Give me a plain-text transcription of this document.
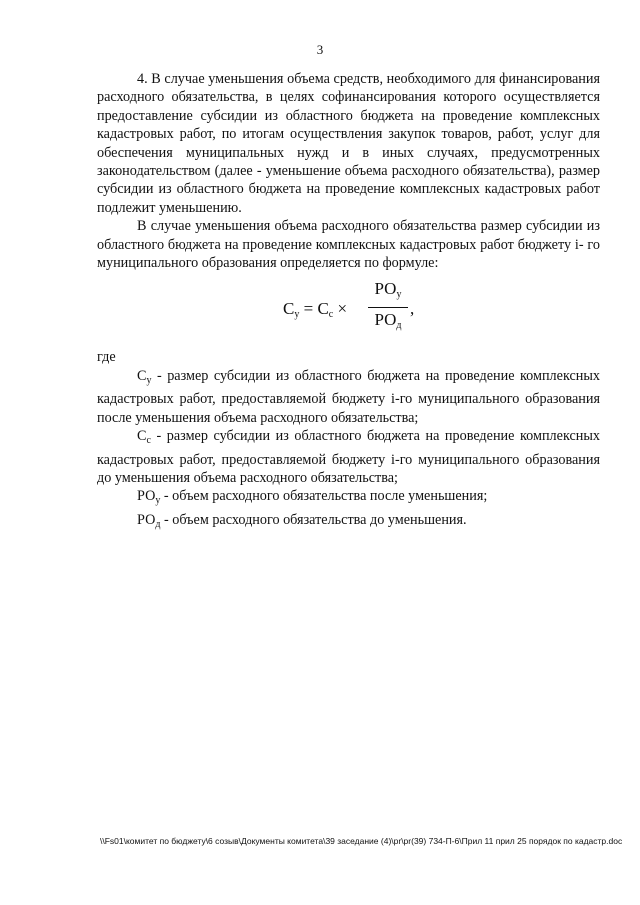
3

4. В случае уменьшения объема средств, необходимого для финансирования расходного обязательства, в целях софинансирования которого осуществляется предоставление субсидии из областного бюджета на проведение комплексных кадастровых работ, по итогам осуществления закупок товаров, работ, услуг для обеспечения муниципальных нужд и в иных случаях, предусмотренных законодательством (далее - уменьшение объема расходного обязательства), размер субсидии из областного бюджета на проведение комплексных кадастровых работ подлежит уменьшению.

В случае уменьшения объема расходного обязательства размер субсидии из областного бюджета на проведение комплексных кадастровых работ бюджету i- го муниципального образования определяется по формуле:

$С_у = С_с$ ×
$РО_у$
$РО_д$
,

где

$С_у$ - размер субсидии из областного бюджета на проведение комплексных кадастровых работ, предоставляемой бюджету i-го муниципального образования после уменьшения объема расходного обязательства;

$С_с$ - размер субсидии из областного бюджета на проведение комплексных кадастровых работ, предоставляемой бюджету i-го муниципального образования до уменьшения объема расходного обязательства;

$РО_у$ - объем расходного обязательства после уменьшения;

$РО_д$ - объем расходного обязательства до уменьшения.

\\Fs01\комитет по бюджету\6 созыв\Документы комитета\39 заседание (4)\pr\pr(39) 734-П-6\Прил 11 прил 25 порядок по кадастр.doc
